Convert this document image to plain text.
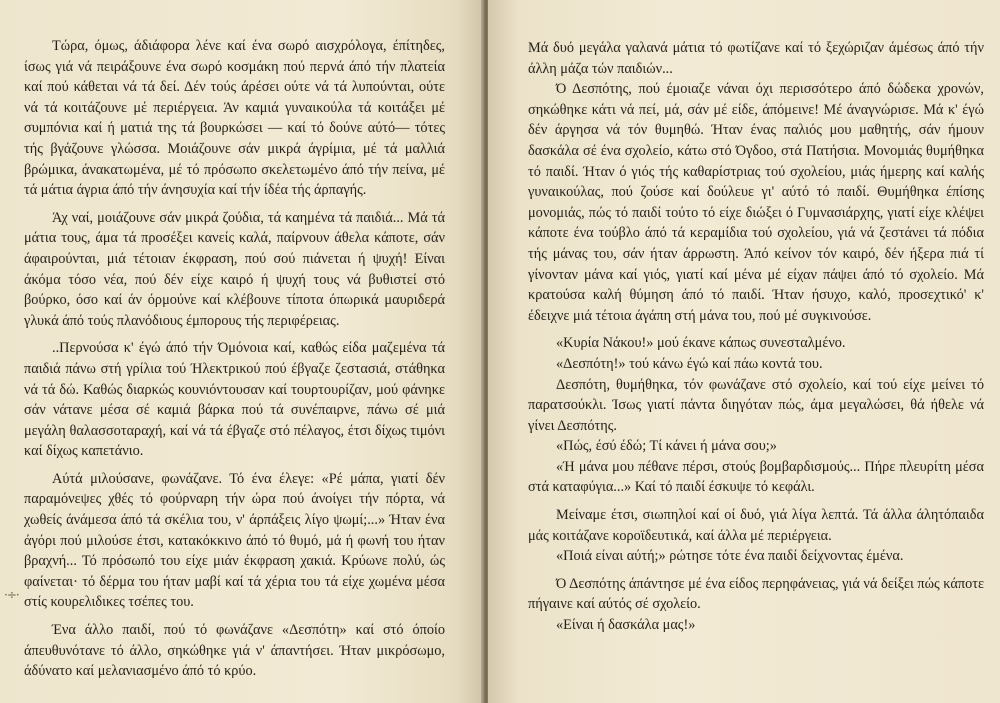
Τώρα, όμως, άδιάφορα λένε καί ένα σωρό αισχρόλογα, έπίτηδες, ίσως γιά νά πειράξουνε ένα σωρό κοσμάκη πού περνά άπό τήν πλατεία καί πού κάθεται νά τά δεί. Δέν τούς άρέσει ούτε νά τά λυπούνται, ούτε νά τά κοιτάζουνε μέ περιέργεια. Άν καμιά γυναικούλα τά κοιτάξει μέ συμπόνια καί ή ματιά της τά βουρκώσει — καί τό δούνε αύτό— τότες τής βγάζουνε γλώσσα. Μοιάζουνε σάν μικρά άγρίμια, μέ τά μαλλιά βρώμικα, άνακατωμένα, μέ τό πρόσωπο σκελετωμένο άπό τήν πείνα, μέ τά μάτια άγρια άπό τήν άνησυχία καί τήν ίδέα τής άρπαγής.

Άχ ναί, μοιάζουνε σάν μικρά ζούδια, τά καημένα τά παιδιά... Μά τά μάτια τους, άμα τά προσέξει κανείς καλά, παίρνουν άθελα κάποτε, σάν άφαιρούνται, μιά τέτοιαν έκφραση, πού σού πιάνεται ή ψυχή! Είναι άκόμα τόσο νέα, πού δέν είχε καιρό ή ψυχή τους νά βυθιστεί στό βούρκο, όσο καί άν όρμούνε καί κλέβουνε τίποτα όπωρικά μαυριδερά γλυκά άπό τούς πλανόδιους έμπορους τής περιφέρειας.

..Περνούσα κ' έγώ άπό τήν Όμόνοια καί, καθώς είδα μαζεμένα τά παιδιά πάνω στή γρίλια τού Ήλεκτρικού πού έβγαζε ζεστασιά, στάθηκα νά τά δώ. Καθώς διαρκώς κουνιόντουσαν καί τουρτουρίζαν, μού φάνηκε σάν νάτανε μέσα σέ καμιά βάρκα πού τά συνέπαιρνε, πάνω σέ μιά μεγάλη θαλασσοταραχή, καί νά τά έβγαζε στό πέλαγος, έτσι δίχως τιμόνι καί δίχως καπετάνιο.

Αύτά μιλούσανε, φωνάζανε. Τό ένα έλεγε: «Ρέ μάπα, γιατί δέν παραμόνεψες χθές τό φούρναρη τήν ώρα πού άνοίγει τήν πόρτα, νά χωθείς άνάμεσα άπό τά σκέλια του, ν' άρπάξεις λίγο ψωμί;...» Ήταν ένα άγόρι πού μιλούσε έτσι, κατακόκκινο άπό τό θυμό, μά ή φωνή του ήταν βραχνή... Τό πρόσωπό του είχε μιάν έκφραση χακιά. Κρύωνε πολύ, ώς φαίνεται· τό δέρμα του ήταν μαβί καί τά χέρια του τά είχε χωμένα μέσα στίς κουρελιδικες τσέπες του.

Ένα άλλο παιδί, πού τό φωνάζανε «Δεσπότη» καί στό όποίο άπευθυνότανε τό άλλο, σηκώθηκε γιά ν' άπαντήσει. Ήταν μικρόσωμο, άδύνατο καί μελανιασμένο άπό τό κρύο.

Μά δυό μεγάλα γαλανά μάτια τό φωτίζανε καί τό ξεχώριζαν άμέσως άπό τήν άλλη μάζα τών παιδιών...

Ό Δεσπότης, πού έμοιαζε νάναι όχι περισσότερο άπό δώδεκα χρονών, σηκώθηκε κάτι νά πεί, μά, σάν μέ είδε, άπόμεινε! Μέ άναγνώρισε. Μά κ' έγώ δέν άργησα νά τόν θυμηθώ. Ήταν ένας παλιός μου μαθητής, σάν ήμουν δασκάλα σέ ένα σχολείο, κάτω στό Όγδοο, στά Πατήσια. Μονομιάς θυμήθηκα τό παιδί. Ήταν ό γιός τής καθαρίστριας τού σχολείου, μιάς ήμερης καί καλής γυναικούλας, πού ζούσε καί δούλευε γι' αύτό τό παιδί. Θυμήθηκα έπίσης μονομιάς, πώς τό παιδί τούτο τό είχε διώξει ό Γυμνασιάρχης, γιατί είχε κλέψει κάποτε ένα τούβλο άπό τά κεραμίδια τού σχολείου, γιά νά ζεστάνει τά πόδια τής μάνας του, σάν ήταν άρρωστη. Άπό κείνον τόν καιρό, δέν ήξερα πιά τί γίνονταν μάνα καί γιός, γιατί καί μένα μέ είχαν πάψει άπό τό σχολείο. Μά κρατούσα καλή θύμηση άπό τό παιδί. Ήταν ήσυχο, καλό, προσεχτικό' κ' έδειχνε μιά τέτοια άγάπη στή μάνα του, πού μέ συγκινούσε.

«Κυρία Νάκου!» μού έκανε κάπως συνεσταλμένο.

«Δεσπότη!» τού κάνω έγώ καί πάω κοντά του.

Δεσπότη, θυμήθηκα, τόν φωνάζανε στό σχολείο, καί τού είχε μείνει τό παρατσούκλι. Ίσως γιατί πάντα διηγόταν πώς, άμα μεγαλώσει, θά ήθελε νά γίνει Δεσπότης.

«Πώς, έσύ έδώ; Τί κάνει ή μάνα σου;»

«Ή μάνα μου πέθανε πέρσι, στούς βομβαρδισμούς... Πήρε πλευρίτη μέσα στά καταφύγια...» Καί τό παιδί έσκυψε τό κεφάλι.

Μείναμε έτσι, σιωπηλοί καί οί δυό, γιά λίγα λεπτά. Τά άλλα άλητόπαιδα μάς κοιτάζανε κοροϊδευτικά, καί άλλα μέ περιέργεια.

«Ποιά είναι αύτή;» ρώτησε τότε ένα παιδί δείχνοντας έμένα.

Ό Δεσπότης άπάντησε μέ ένα είδος περηφάνειας, γιά νά δείξει πώς κάποτε πήγαινε καί αύτός σέ σχολείο.

«Είναι ή δασκάλα μας!»

·÷·
